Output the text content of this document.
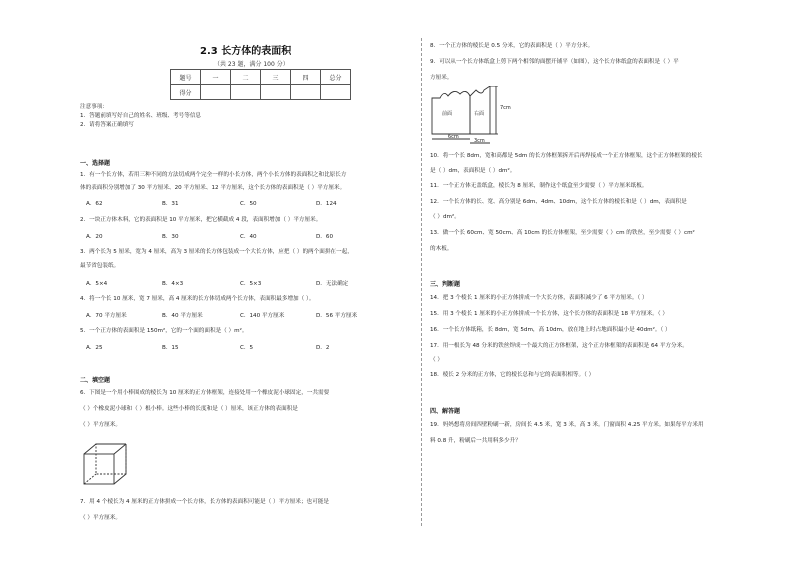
2.3 长方体的表面积
（共 23 题，满分 100 分）
题号	一	二	三	四	总分
得分					
注意事项：
1．答题前填写好自己的姓名、班级、考号等信息
2．请将答案正确填写
一、选择题
1．有一个长方体，若用三种不同的方法切成两个完全一样的小长方体，两个小长方体的表面积之和比原长方
体的表面积分别增加了 30 平方厘米、20 平方厘米、12 平方厘米，这个长方体的表面积是（ ）平方厘米。
A．62	B．31	C．50	D．124
2．一块正方体木料，它的表面积是 10 平方厘米，把它横截成 4 段，表面积增加（ ）平方厘米。
A．20	B．30	C．40	D．60
3．两个长为 5 厘米，宽为 4 厘米，高为 3 厘米的长方体包装成一个大长方体，应把（ ）的两个面拼在一起，
最节省包装纸。
A．5×4	B．4×3	C．5×3	D．无法确定
4．将一个长 10 厘米，宽 7 厘米，高 4 厘米的长方体切成两个长方体，表面积最多增加（ ）。
A．70 平方厘米	B．40 平方厘米	C．140 平方厘米	D．56 平方厘米
5．一个正方体的表面积是 150m²，它的一个面的面积是（ ）m²。
A．25	B．15	C．5	D．2
二、填空题
6．下图是一个用小棒围成的棱长为 10 厘米的正方体框架，连接处用一个橡皮泥小球固定，一共需要
（ ）个橡皮泥小球和（ ）根小棒。这些小棒的长度和是（ ）厘米，该正方体的表面积是
（ ）平方厘米。
7．用 4 个棱长为 4 厘米的正方体拼成一个长方体，长方体的表面积可能是（ ）平方厘米；也可能是
（ ）平方厘米。
8．一个正方体的棱长是 0.5 分米，它的表面积是（ ）平方分米。
9．可以从一个长方体纸盒上剪下两个相邻的面摆开铺平（如图），这个长方体纸盒的表面积是（ ）平
方厘米。
前面	右面
7cm
6cm
3cm
10．将一个长 8dm，宽和高都是 5dm 的长方体框架拆开后再焊接成一个正方体框架，这个正方体框架的棱长
是（ ）dm，表面积是（ ）dm²。
11．一个正方体无盖纸盒，棱长为 8 厘米，制作这个纸盒至少需要（ ）平方厘米纸板。
12．一个长方体的长、宽、高分别是 6dm、4dm、10dm，这个长方体的棱长和是（ ）dm，表面积是
（ ）dm²。
13．做一个长 60cm、宽 50cm、高 10cm 的长方体框架，至少需要（ ）cm 的铁丝，至少需要（ ）cm²
的木板。
三、判断题
14．把 3 个棱长 1 厘米的小正方体拼成一个大长方体，表面积减少了 6 平方厘米。（ ）
15．用 3 个棱长 1 厘米的小正方体拼成一个长方体，这个长方体的表面积是 18 平方厘米。（ ）
16．一个长方体纸箱，长 8dm，宽 5dm，高 10dm，放在地上时占地面积最小是 40dm²。（ ）
17．用一根长为 48 分米的铁丝焊成一个最大的正方体框架，这个正方体框架的表面积是 64 平方分米。
（ ）
18．棱长 2 分米的正方体，它的棱长总和与它的表面积相等。（ ）
四、解答题
19．妈妈想将房间四壁粉刷一新，房间长 4.5 米，宽 3 米，高 3 米。门窗面积 4.25 平方米。如果每平方米用
料 0.8 升，粉刷后一共用料多少升？
